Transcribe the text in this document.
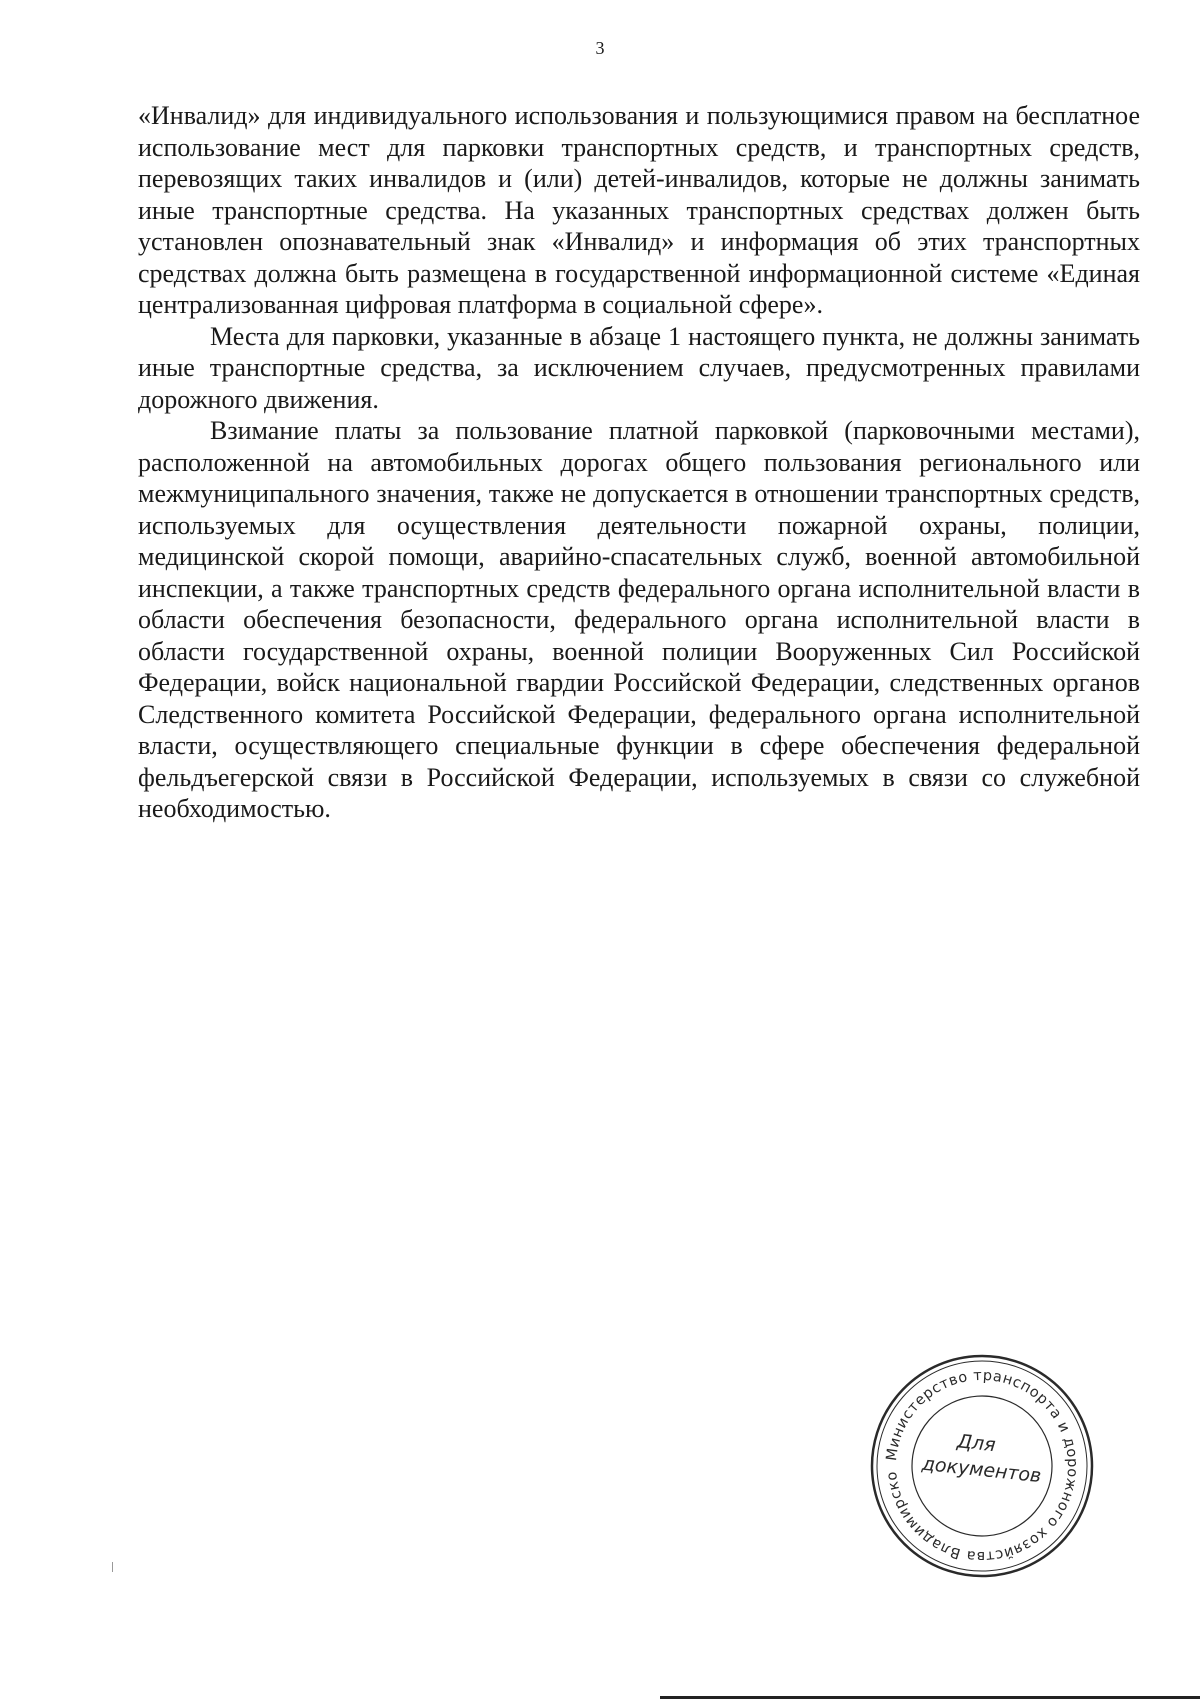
3

«Инвалид» для индивидуального использования и пользующимися правом на бесплатное использование мест для парковки транспортных средств, и транспортных средств, перевозящих таких инвалидов и (или) детей-инвалидов, которые не должны занимать иные транспортные средства. На указанных транспортных средствах должен быть установлен опознавательный знак «Инвалид» и информация об этих транспортных средствах должна быть размещена в государственной информационной системе «Единая централизованная цифровая платформа в социальной сфере».

Места для парковки, указанные в абзаце 1 настоящего пункта, не должны занимать иные транспортные средства, за исключением случаев, предусмотренных правилами дорожного движения.

Взимание платы за пользование платной парковкой (парковочными местами), расположенной на автомобильных дорогах общего пользования регионального или межмуниципального значения, также не допускается в отношении транспортных средств, используемых для осуществления деятельности пожарной охраны, полиции, медицинской скорой помощи, аварийно-спасательных служб, военной автомобильной инспекции, а также транспортных средств федерального органа исполнительной власти в области обеспечения безопасности, федерального органа исполнительной власти в области государственной охраны, военной полиции Вооруженных Сил Российской Федерации, войск национальной гвардии Российской Федерации, следственных органов Следственного комитета Российской Федерации, федерального органа исполнительной власти, осуществляющего специальные функции в сфере обеспечения федеральной фельдъегерской связи в Российской Федерации, используемых в связи со служебной необходимостью.

Министерство транспорта и дорожного хозяйства Владимирской области
Для
документов
